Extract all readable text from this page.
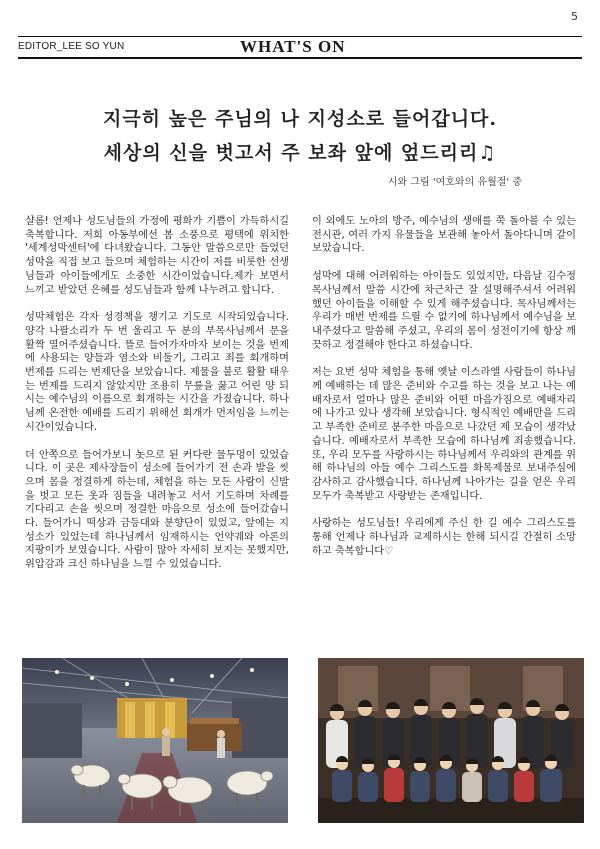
5
EDITOR_LEE SO YUN	WHAT'S ON
지극히 높은 주님의 나 지성소로 들어갑니다.
세상의 신을 벗고서 주 보좌 앞에 엎드리리♫
시와 그림 '여호와의 유월절' 중

샬롬! 언제나 성도님들의 가정에 평화가 기쁨이 가득하시길 축복합니다. 저희 아동부에선 봄 소풍으로 평택에 위치한 '세계성막센터'에 다녀왔습니다. 그동안 말씀으로만 들었던 성막을 직접 보고 들으며 체험하는 시간이 저를 비롯한 선생님들과 아이들에게도 소중한 시간이었습니다.제가 보면서 느끼고 받았던 은혜를 성도님들과 함께 나누려고 합니다.

성막체험은 각자 성경책을 챙기고 기도로 시작되었습니다. 양각 나팔소리가 두 번 울리고 두 분의 부목사님께서 문을 활짝 열어주셨습니다. 뜰로 들어가자마자 보이는 것을 번제에 사용되는 양들과 염소와 비둘기, 그리고 죄를 회개하며 번제를 드리는 번제단을 보았습니다. 제물을 불로 활활 태우는 번제를 드리지 않았지만 조용히 무릎을 꿇고 어린 양 되시는 예수님의 이름으로 회개하는 시간을 가졌습니다. 하나님께 온전한 예배를 드리기 위해선 회개가 먼저임을 느끼는 시간이었습니다.

더 안쪽으로 들어가보니 놋으로 된 커다란 물두멍이 있었습니다. 이 곳은 제사장들이 성소에 들어가기 전 손과 발을 씻으며 몸을 정결하게 하는데, 체험을 하는 모든 사람이 신발을 벗고 모든 옷과 짐들을 내려놓고 서서 기도하며 차례를 기다리고 손을 씻으며 정결한 마음으로 성소에 들어갔습니다. 들어가니 떡상과 금등대와 분향단이 있었고, 앞에는 지성소가 있었는데 하나님께서 임재하시는 언약궤와 아론의 지팡이가 보였습니다. 사람이 많아 자세히 보지는 못했지만, 위압감과 크신 하나님을 느낄 수 있었습니다.

이 외에도 노아의 방주, 예수님의 생애를 쭉 돌아볼 수 있는 전시관, 여러 가지 유물들을 보관해 놓아서 돌아다니며 같이 보았습니다.

성막에 대해 어려워하는 아이들도 있었지만, 다음날 김수정 목사님께서 말씀 시간에 차근차근 잘 설명해주셔서 어려워 했던 아이들을 이해할 수 있게 해주셨습니다. 목사님께서는 우리가 매번 번제를 드릴 수 없기에 하나님께서 예수님을 보내주셨다고 말씀해 주셨고, 우리의 몸이 성전이기에 항상 깨끗하고 정결해야 한다고 하셨습니다.

저는 요번 성막 체험을 통해 옛날 이스라엘 사람들이 하나님께 예배하는 데 많은 준비와 수고를 하는 것을 보고 나는 예배자로서 얼마나 많은 준비와 어떤 마음가짐으로 예배자리에 나가고 있나 생각해 보았습니다. 형식적인 예배만을 드리고 부족한 준비로 분주한 마음으로 나갔던 제 모습이 생각났습니다. 예배자로서 부족한 모습에 하나님께 죄송했습니다. 또, 우리 모두를 사랑하시는 하나님께서 우리와의 관계를 위해 하나님의 아들 예수 그리스도를 화목제물로 보내주심에 감사하고 감사했습니다. 하나님께 나아가는 길을 얻은 우리 모두가 축복받고 사랑받는 존재입니다.

사랑하는 성도님들! 우리에게 주신 한 길 예수 그리스도를 통해 언제나 하나님과 교제하시는 한해 되시길 간절히 소망하고 축복합니다♡
